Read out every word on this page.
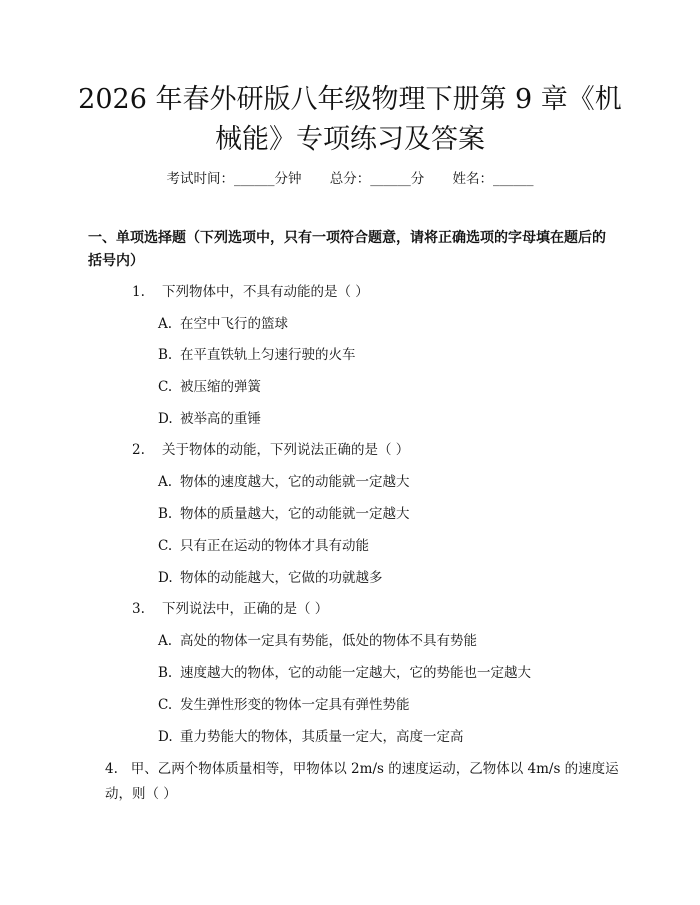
2026 年春外研版八年级物理下册第 9 章《机
械能》专项练习及答案
考试时间：______分钟 总分：______分 姓名：______
一、单项选择题（下列选项中，只有一项符合题意，请将正确选项的字母填在题后的括号内）
1. 下列物体中，不具有动能的是（ ）
A. 在空中飞行的篮球
B. 在平直铁轨上匀速行驶的火车
C. 被压缩的弹簧
D. 被举高的重锤
2. 关于物体的动能，下列说法正确的是（ ）
A. 物体的速度越大，它的动能就一定越大
B. 物体的质量越大，它的动能就一定越大
C. 只有正在运动的物体才具有动能
D. 物体的动能越大，它做的功就越多
3. 下列说法中，正确的是（ ）
A. 高处的物体一定具有势能，低处的物体不具有势能
B. 速度越大的物体，它的动能一定越大，它的势能也一定越大
C. 发生弹性形变的物体一定具有弹性势能
D. 重力势能大的物体，其质量一定大，高度一定高
4. 甲、乙两个物体质量相等，甲物体以 2m/s 的速度运动，乙物体以 4m/s 的速度运动，则（ ）
